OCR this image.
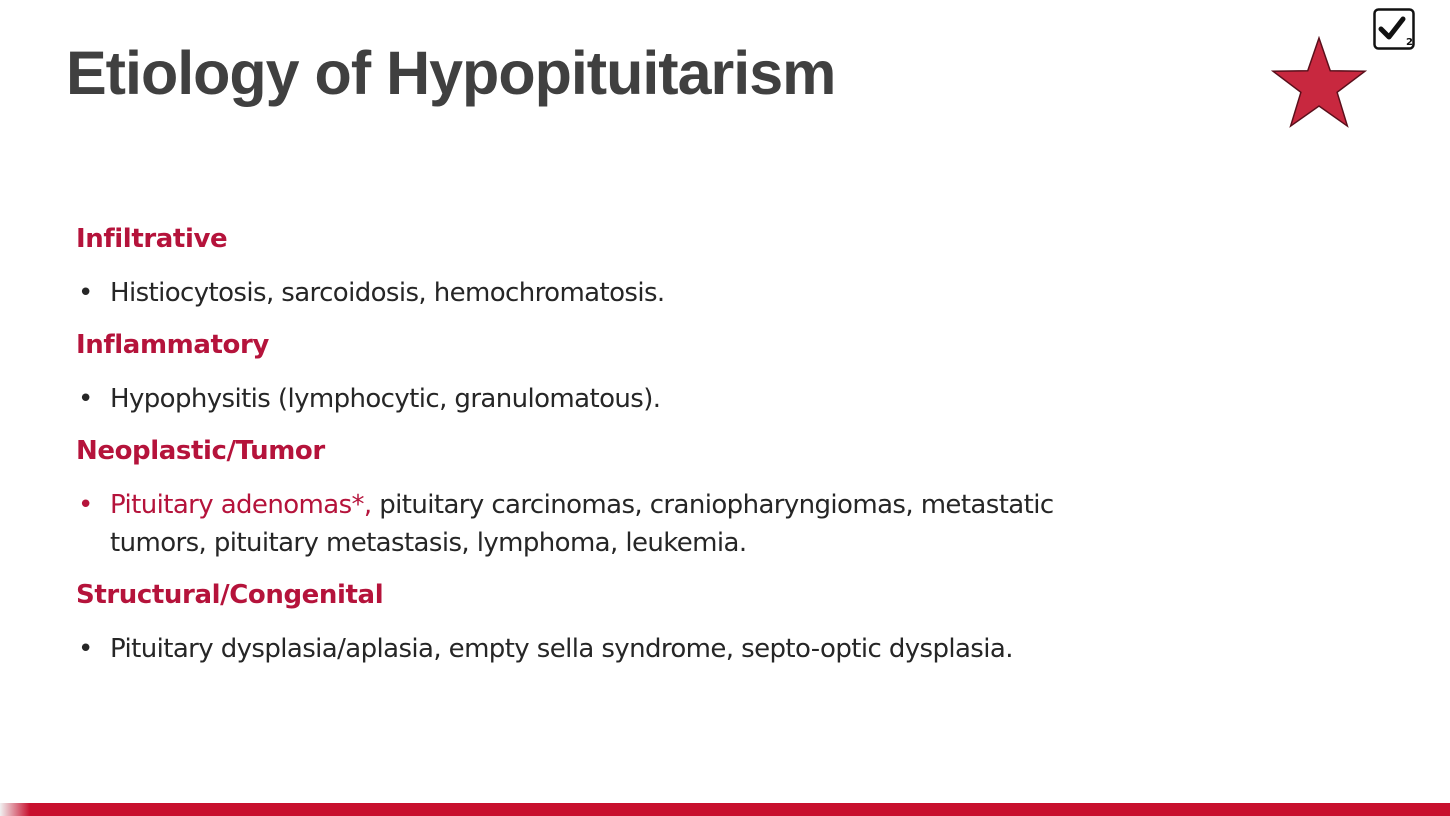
Etiology of Hypopituitarism	2
Infiltrative
• Histiocytosis, sarcoidosis, hemochromatosis.
Inflammatory
• Hypophysitis (lymphocytic, granulomatous).
Neoplastic/Tumor
• Pituitary adenomas*, pituitary carcinomas, craniopharyngiomas, metastatic tumors, pituitary metastasis, lymphoma, leukemia.
Structural/Congenital
• Pituitary dysplasia/aplasia, empty sella syndrome, septo-optic dysplasia.
